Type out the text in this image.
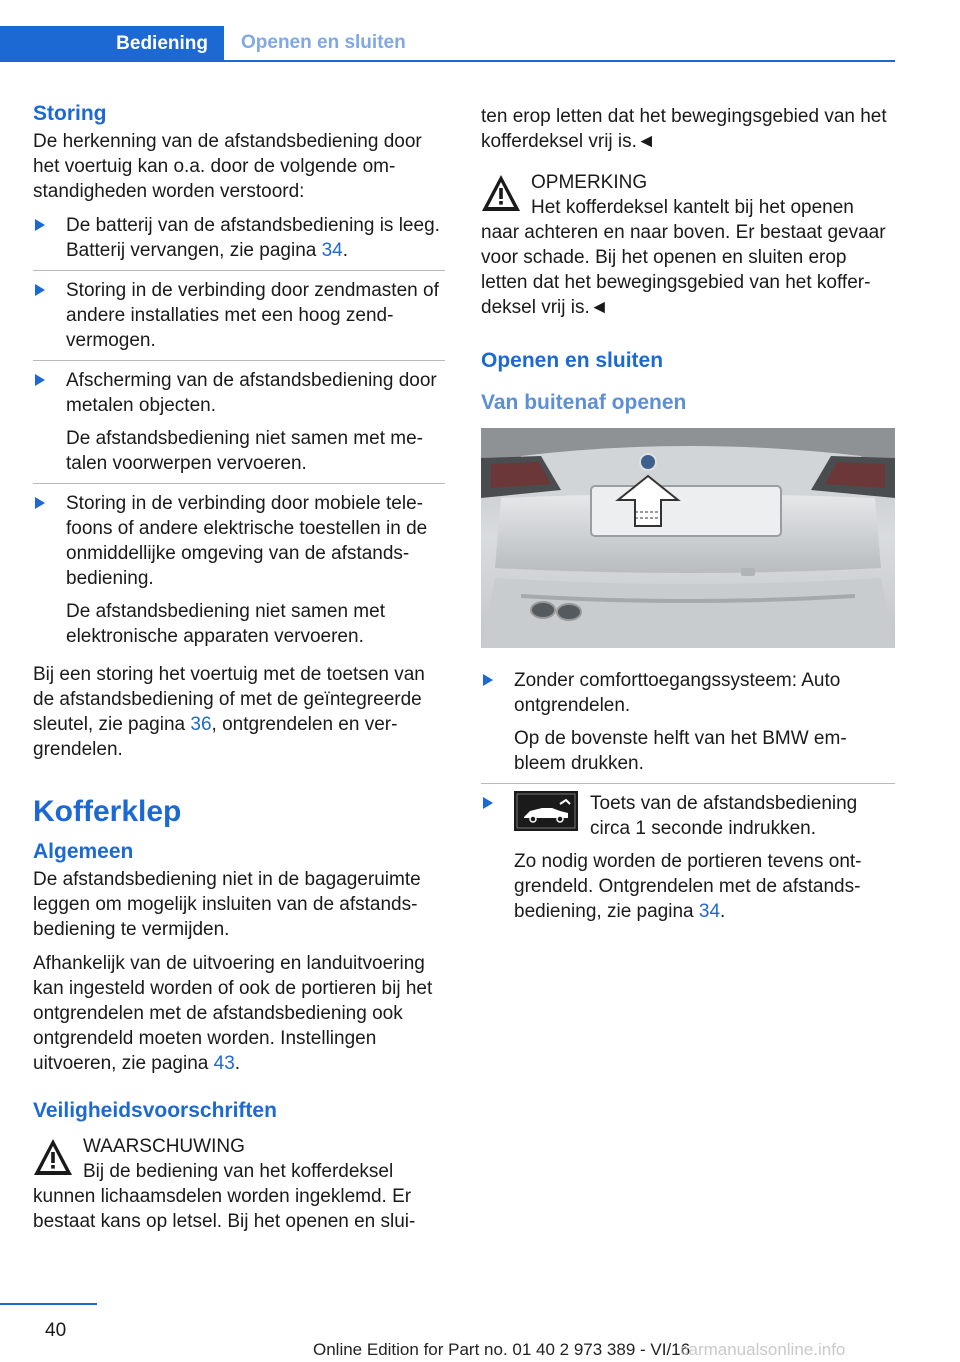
Bediening	Openen en sluiten
Storing

De herkenning van de afstandsbediening door het voertuig kan o.a. door de volgende om-standigheden worden verstoord:

De batterij van de afstandsbediening is leeg. Batterij vervangen, zie pagina 34.

Storing in de verbinding door zendmasten of andere installaties met een hoog zend-vermogen.

Afscherming van de afstandsbediening door metalen objecten.

De afstandsbediening niet samen met me-talen voorwerpen vervoeren.

Storing in de verbinding door mobiele tele-foons of andere elektrische toestellen in de onmiddellijke omgeving van de afstands-bediening.

De afstandsbediening niet samen met elektronische apparaten vervoeren.

Bij een storing het voertuig met de toetsen van de afstandsbediening of met de geïntegreerde sleutel, zie pagina 36, ontgrendelen en ver-grendelen.

Kofferklep
Algemeen

De afstandsbediening niet in de bagageruimte leggen om mogelijk insluiten van de afstands-bediening te vermijden.

Afhankelijk van de uitvoering en landuitvoering kan ingesteld worden of ook de portieren bij het ontgrendelen met de afstandsbediening ook ontgrendeld moeten worden. Instellingen uitvoeren, zie pagina 43.

Veiligheidsvoorschriften
WAARSCHUWING
Bij de bediening van het kofferdeksel kunnen lichaamsdelen worden ingeklemd. Er bestaat kans op letsel. Bij het openen en slui-

ten erop letten dat het bewegingsgebied van het kofferdeksel vrij is.◄

OPMERKING
Het kofferdeksel kantelt bij het openen naar achteren en naar boven. Er bestaat gevaar voor schade. Bij het openen en sluiten erop letten dat het bewegingsgebied van het koffer-deksel vrij is.◄
Openen en sluiten
Van buitenaf openen

Zonder comforttoegangssysteem: Auto ontgrendelen.

Op de bovenste helft van het BMW em-bleem drukken.

Toets van de afstandsbediening circa 1 seconde indrukken.

Zo nodig worden de portieren tevens ont-grendeld. Ontgrendelen met de afstands-bediening, zie pagina 34.

40
Online Edition for Part no. 01 40 2 973 389 - VI/16
carmanualsonline.info
